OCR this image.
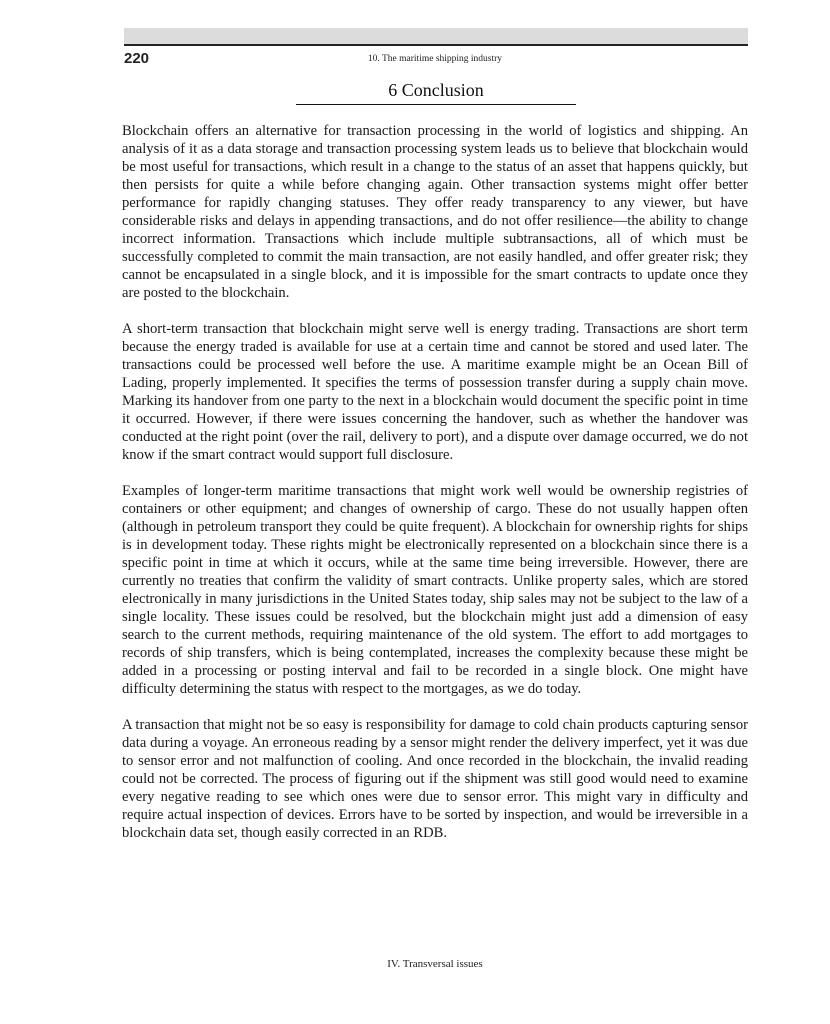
220	10. The maritime shipping industry
6 Conclusion

Blockchain offers an alternative for transaction processing in the world of logistics and shipping. An analysis of it as a data storage and transaction processing system leads us to believe that blockchain would be most useful for transactions, which result in a change to the status of an asset that happens quickly, but then persists for quite a while before changing again. Other transaction systems might offer better performance for rapidly changing statuses. They offer ready transparency to any viewer, but have considerable risks and delays in appending transactions, and do not offer resilience—the ability to change incorrect information. Transactions which include multiple subtransactions, all of which must be successfully completed to commit the main transaction, are not easily handled, and offer greater risk; they cannot be encapsulated in a single block, and it is impossible for the smart contracts to update once they are posted to the blockchain.

A short-term transaction that blockchain might serve well is energy trading. Transactions are short term because the energy traded is available for use at a certain time and cannot be stored and used later. The transactions could be processed well before the use. A maritime example might be an Ocean Bill of Lading, properly implemented. It specifies the terms of possession transfer during a supply chain move. Marking its handover from one party to the next in a blockchain would document the specific point in time it occurred. However, if there were issues concerning the handover, such as whether the handover was conducted at the right point (over the rail, delivery to port), and a dispute over damage occurred, we do not know if the smart contract would support full disclosure.

Examples of longer-term maritime transactions that might work well would be ownership registries of containers or other equipment; and changes of ownership of cargo. These do not usually happen often (although in petroleum transport they could be quite frequent). A blockchain for ownership rights for ships is in development today. These rights might be electronically represented on a blockchain since there is a specific point in time at which it occurs, while at the same time being irreversible. However, there are currently no treaties that confirm the validity of smart contracts. Unlike property sales, which are stored electronically in many jurisdictions in the United States today, ship sales may not be subject to the law of a single locality. These issues could be resolved, but the blockchain might just add a dimension of easy search to the current methods, requiring maintenance of the old system. The effort to add mortgages to records of ship transfers, which is being contemplated, increases the complexity because these might be added in a processing or posting interval and fail to be recorded in a single block. One might have difficulty determining the status with respect to the mortgages, as we do today.

A transaction that might not be so easy is responsibility for damage to cold chain products capturing sensor data during a voyage. An erroneous reading by a sensor might render the delivery imperfect, yet it was due to sensor error and not malfunction of cooling. And once recorded in the blockchain, the invalid reading could not be corrected. The process of figuring out if the shipment was still good would need to examine every negative reading to see which ones were due to sensor error. This might vary in difficulty and require actual inspection of devices. Errors have to be sorted by inspection, and would be irreversible in a blockchain data set, though easily corrected in an RDB.

IV. Transversal issues
